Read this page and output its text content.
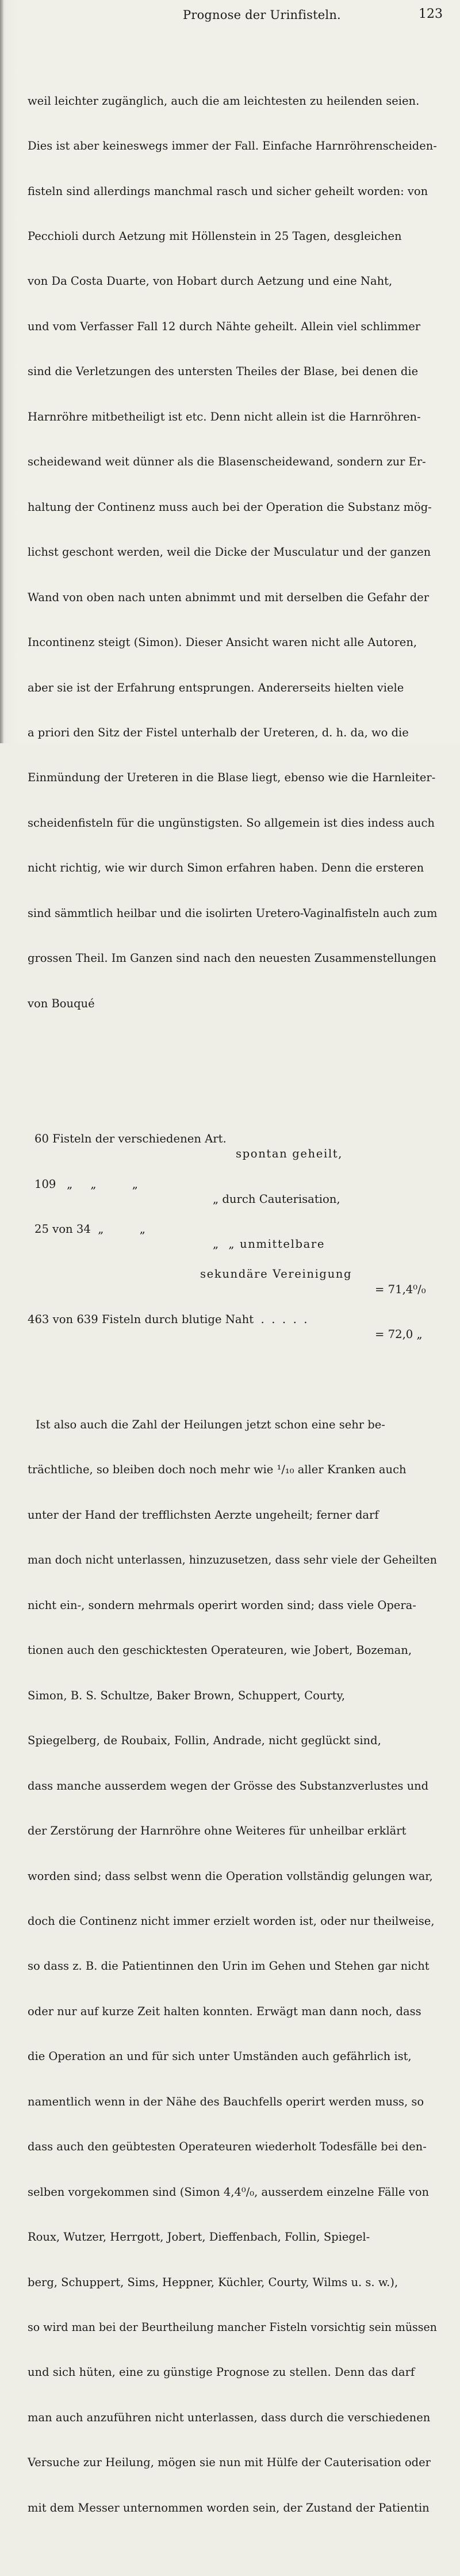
Prognose der Urinfisteln.	123

weil leichter zugänglich, auch die am leichtesten zu heilenden seien.

Dies ist aber keineswegs immer der Fall. Einfache Harnröhrenscheiden-

fisteln sind allerdings manchmal rasch und sicher geheilt worden: von

Pecchioli durch Aetzung mit Höllenstein in 25 Tagen, desgleichen

von Da Costa Duarte, von Hobart durch Aetzung und eine Naht,

und vom Verfasser Fall 12 durch Nähte geheilt. Allein viel schlimmer

sind die Verletzungen des untersten Theiles der Blase, bei denen die

Harnröhre mitbetheiligt ist etc. Denn nicht allein ist die Harnröhren-

scheidewand weit dünner als die Blasenscheidewand, sondern zur Er-

haltung der Continenz muss auch bei der Operation die Substanz mög-

lichst geschont werden, weil die Dicke der Musculatur und der ganzen

Wand von oben nach unten abnimmt und mit derselben die Gefahr der

Incontinenz steigt (Simon). Dieser Ansicht waren nicht alle Autoren,

aber sie ist der Erfahrung entsprungen. Andererseits hielten viele

a priori den Sitz der Fistel unterhalb der Ureteren, d. h. da, wo die

Einmündung der Ureteren in die Blase liegt, ebenso wie die Harnleiter-

scheidenfisteln für die ungünstigsten. So allgemein ist dies indess auch

nicht richtig, wie wir durch Simon erfahren haben. Denn die ersteren

sind sämmtlich heilbar und die isolirten Uretero-Vaginalfisteln auch zum

grossen Theil. Im Ganzen sind nach den neuesten Zusammenstellungen

von Bouqué

60 Fisteln der verschiedenen Art.

spontan geheilt,

109   „     „          „

„ durch Cauterisation,

25 von 34  „          „

„  „ unmittelbare

sekundäre Vereinigung

= 71,4⁰/₀

463 von 639 Fisteln durch blutige Naht  .  .  .  .  .

= 72,0 „

Ist also auch die Zahl der Heilungen jetzt schon eine sehr be-

trächtliche, so bleiben doch noch mehr wie ¹/₁₀ aller Kranken auch

unter der Hand der trefflichsten Aerzte ungeheilt; ferner darf

man doch nicht unterlassen, hinzuzusetzen, dass sehr viele der Geheilten

nicht ein-, sondern mehrmals operirt worden sind; dass viele Opera-

tionen auch den geschicktesten Operateuren, wie Jobert, Bozeman,

Simon, B. S. Schultze, Baker Brown, Schuppert, Courty,

Spiegelberg, de Roubaix, Follin, Andrade, nicht geglückt sind,

dass manche ausserdem wegen der Grösse des Substanzverlustes und

der Zerstörung der Harnröhre ohne Weiteres für unheilbar erklärt

worden sind; dass selbst wenn die Operation vollständig gelungen war,

doch die Continenz nicht immer erzielt worden ist, oder nur theilweise,

so dass z. B. die Patientinnen den Urin im Gehen und Stehen gar nicht

oder nur auf kurze Zeit halten konnten. Erwägt man dann noch, dass

die Operation an und für sich unter Umständen auch gefährlich ist,

namentlich wenn in der Nähe des Bauchfells operirt werden muss, so

dass auch den geübtesten Operateuren wiederholt Todesfälle bei den-

selben vorgekommen sind (Simon 4,4⁰/₀, ausserdem einzelne Fälle von

Roux, Wutzer, Herrgott, Jobert, Dieffenbach, Follin, Spiegel-

berg, Schuppert, Sims, Heppner, Küchler, Courty, Wilms u. s. w.),

so wird man bei der Beurtheilung mancher Fisteln vorsichtig sein müssen

und sich hüten, eine zu günstige Prognose zu stellen. Denn das darf

man auch anzuführen nicht unterlassen, dass durch die verschiedenen

Versuche zur Heilung, mögen sie nun mit Hülfe der Cauterisation oder

mit dem Messer unternommen worden sein, der Zustand der Patientin
